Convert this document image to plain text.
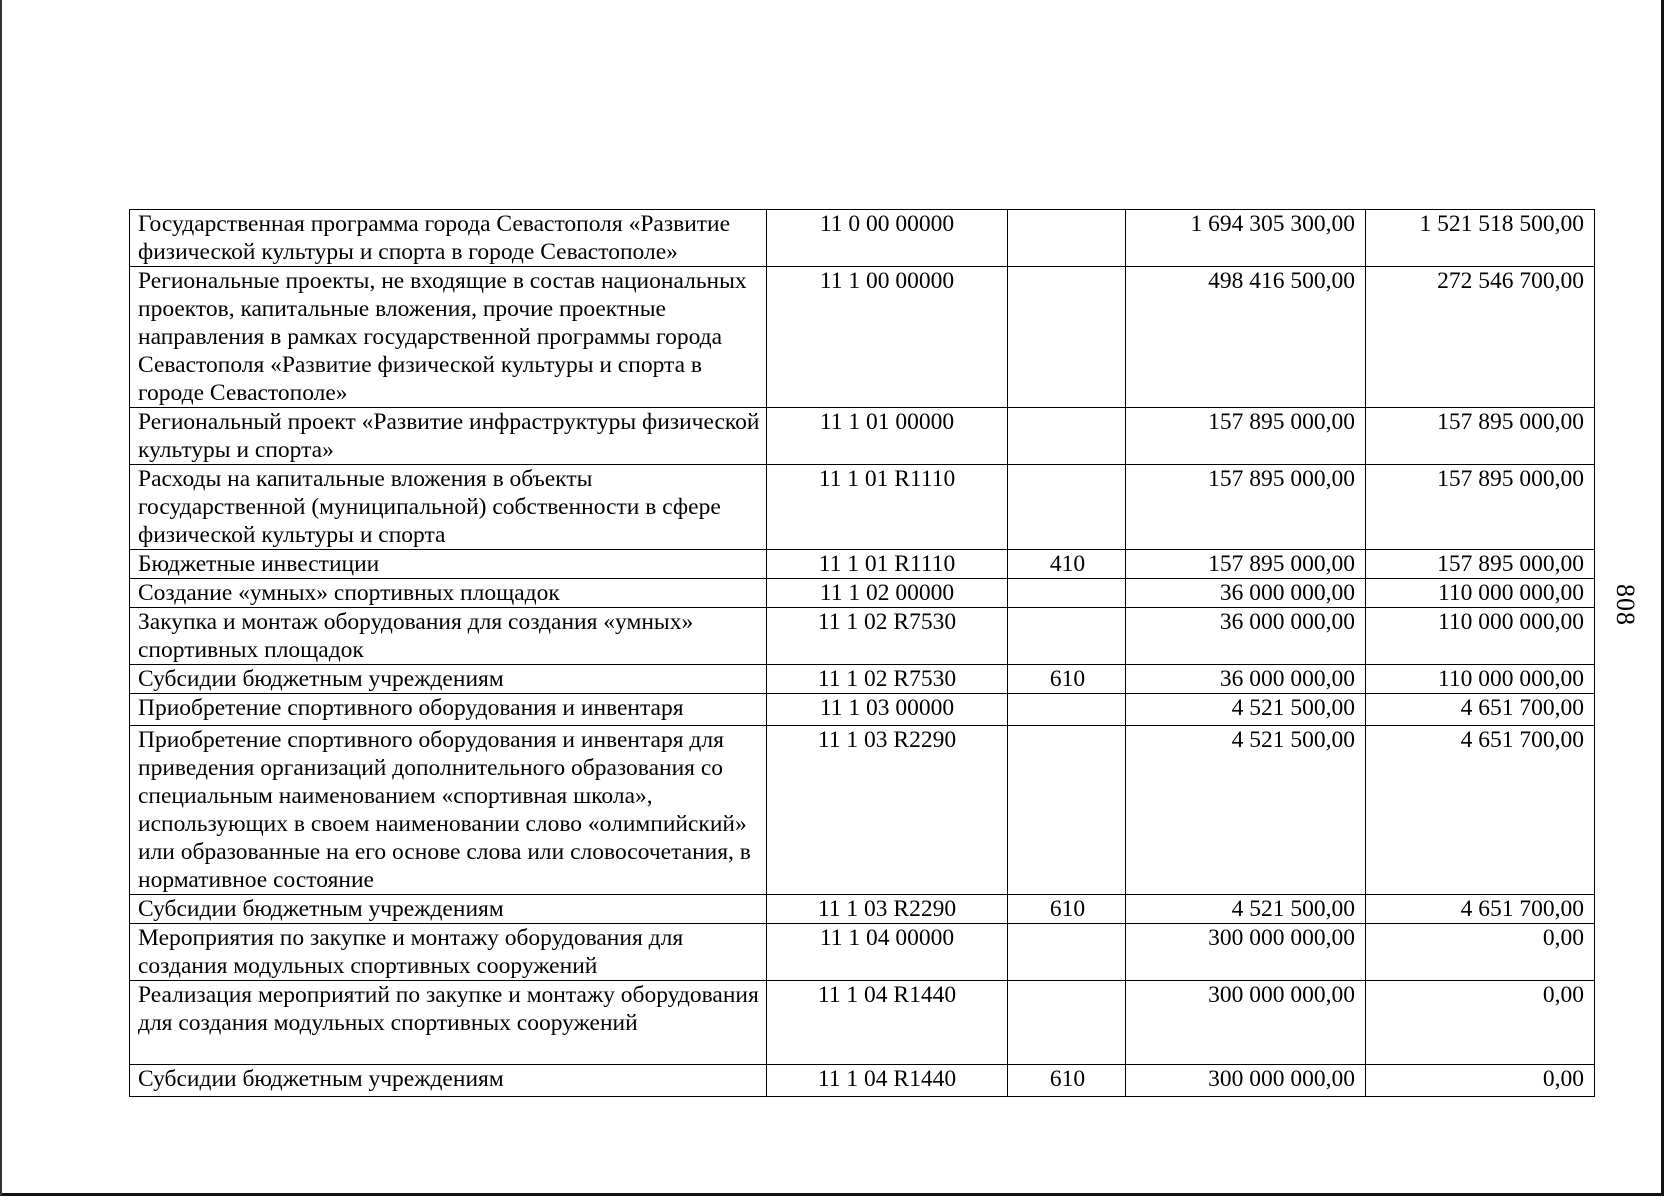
Государственная программа города Севастополя «Развитие физической культуры и спорта в городе Севастополе»	11 0 00 00000		1 694 305 300,00	1 521 518 500,00
Региональные проекты, не входящие в состав национальных проектов, капитальные вложения, прочие проектные направления в рамках государственной программы города Севастополя «Развитие физической культуры и спорта в городе Севастополе»	11 1 00 00000		498 416 500,00	272 546 700,00
Региональный проект «Развитие инфраструктуры физической культуры и спорта»	11 1 01 00000		157 895 000,00	157 895 000,00
Расходы на капитальные вложения в объекты государственной (муниципальной) собственности в сфере физической культуры и спорта	11 1 01 R1110		157 895 000,00	157 895 000,00
Бюджетные инвестиции	11 1 01 R1110	410	157 895 000,00	157 895 000,00
Создание «умных» спортивных площадок	11 1 02 00000		36 000 000,00	110 000 000,00
Закупка и монтаж оборудования для создания «умных» спортивных площадок	11 1 02 R7530		36 000 000,00	110 000 000,00
Субсидии бюджетным учреждениям	11 1 02 R7530	610	36 000 000,00	110 000 000,00
Приобретение спортивного оборудования и инвентаря	11 1 03 00000		4 521 500,00	4 651 700,00
Приобретение спортивного оборудования и инвентаря для приведения организаций дополнительного образования со специальным наименованием «спортивная школа», использующих в своем наименовании слово «олимпийский» или образованные на его основе слова или словосочетания, в нормативное состояние	11 1 03 R2290		4 521 500,00	4 651 700,00
Субсидии бюджетным учреждениям	11 1 03 R2290	610	4 521 500,00	4 651 700,00
Мероприятия по закупке и монтажу оборудования для создания модульных спортивных сооружений	11 1 04 00000		300 000 000,00	0,00
Реализация мероприятий по закупке и монтажу оборудования для создания модульных спортивных сооружений	11 1 04 R1440		300 000 000,00	0,00
Субсидии бюджетным учреждениям	11 1 04 R1440	610	300 000 000,00	0,00
808
